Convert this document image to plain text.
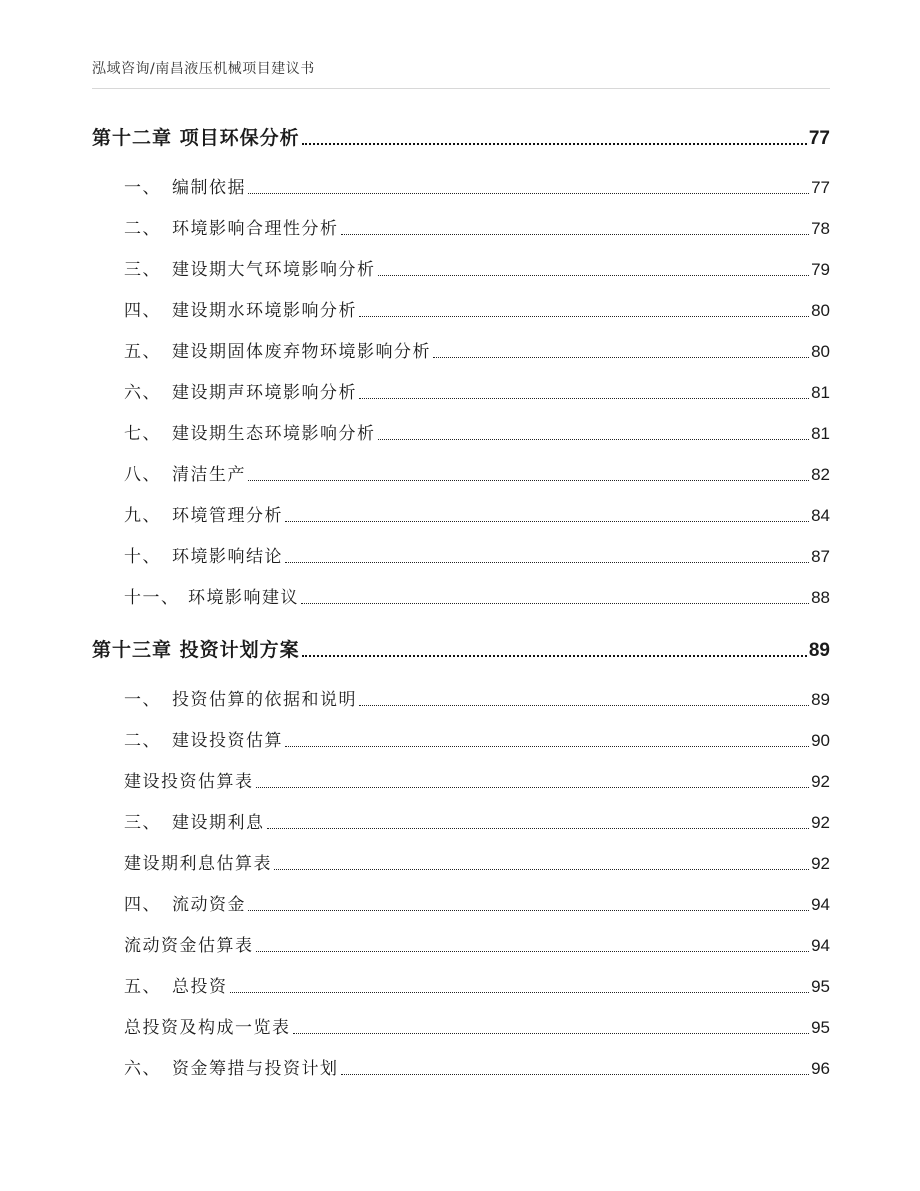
泓域咨询/南昌液压机械项目建议书
第十二章 项目环保分析	77
一、 编制依据	77
二、 环境影响合理性分析	78
三、 建设期大气环境影响分析	79
四、 建设期水环境影响分析	80
五、 建设期固体废弃物环境影响分析	80
六、 建设期声环境影响分析	81
七、 建设期生态环境影响分析	81
八、 清洁生产	82
九、 环境管理分析	84
十、 环境影响结论	87
十一、 环境影响建议	88
第十三章 投资计划方案	89
一、 投资估算的依据和说明	89
二、 建设投资估算	90
建设投资估算表	92
三、 建设期利息	92
建设期利息估算表	92
四、 流动资金	94
流动资金估算表	94
五、 总投资	95
总投资及构成一览表	95
六、 资金筹措与投资计划	96
